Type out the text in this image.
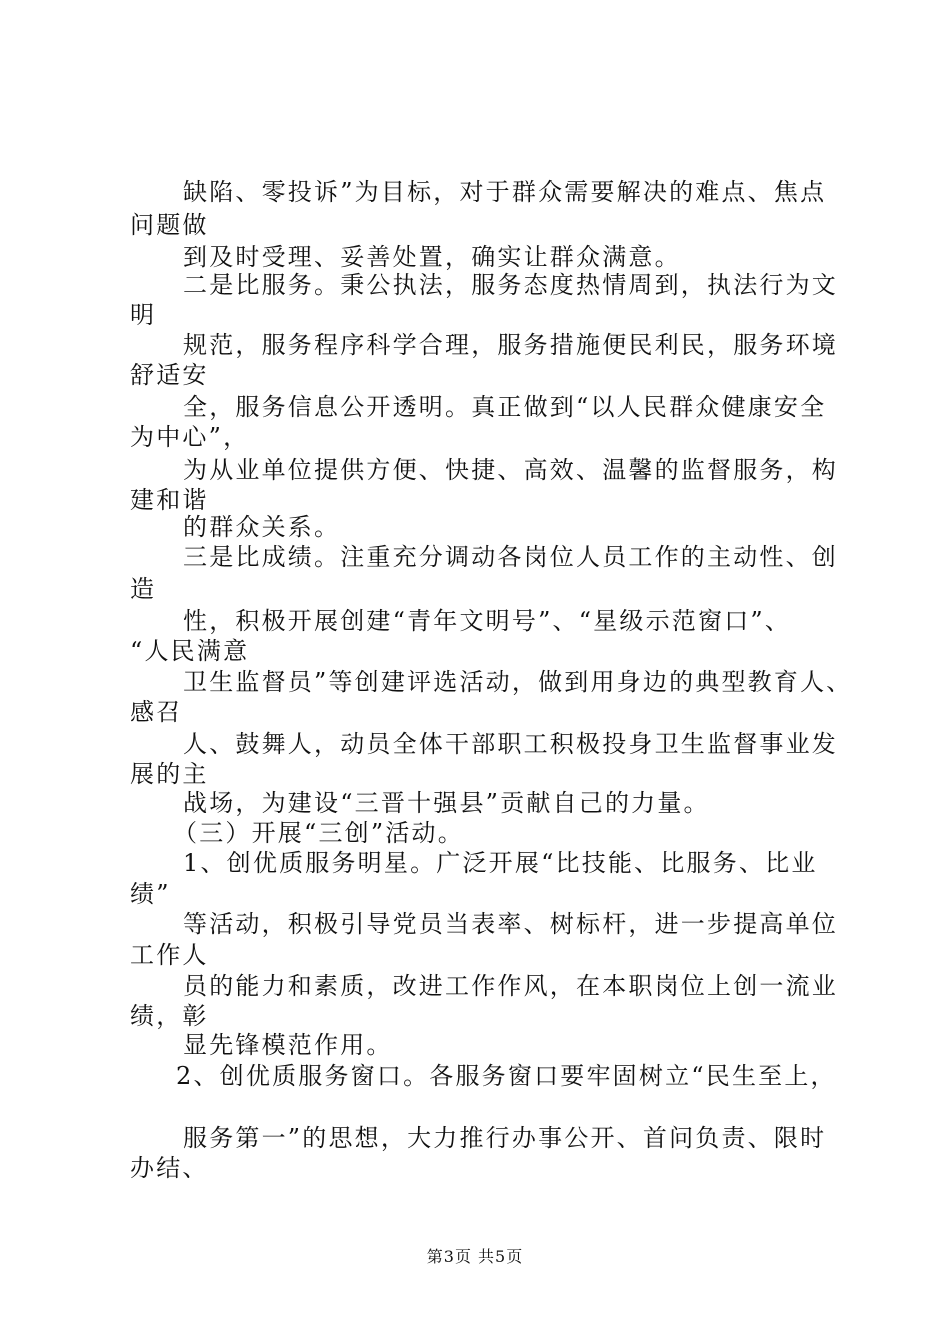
缺陷、零投诉”为目标，对于群众需要解决的难点、焦点
问题做
到及时受理、妥善处置，确实让群众满意。
二是比服务。秉公执法，服务态度热情周到，执法行为文
明
规范，服务程序科学合理，服务措施便民利民，服务环境
舒适安
全，服务信息公开透明。真正做到“以人民群众健康安全
为中心”，
为从业单位提供方便、快捷、高效、温馨的监督服务，构
建和谐
的群众关系。
三是比成绩。注重充分调动各岗位人员工作的主动性、创
造
性，积极开展创建“青年文明号”、“星级示范窗口”、
“人民满意
卫生监督员”等创建评选活动，做到用身边的典型教育人、
感召
人、鼓舞人，动员全体干部职工积极投身卫生监督事业发
展的主
战场，为建设“三晋十强县”贡献自己的力量。
（三）开展“三创”活动。
1、创优质服务明星。广泛开展“比技能、比服务、比业
绩”
等活动，积极引导党员当表率、树标杆，进一步提高单位
工作人
员的能力和素质，改进工作作风，在本职岗位上创一流业
绩，彰
显先锋模范作用。
2、创优质服务窗口。各服务窗口要牢固树立“民生至上，
服务第一”的思想，大力推行办事公开、首问负责、限时
办结、
第3页 共5页
